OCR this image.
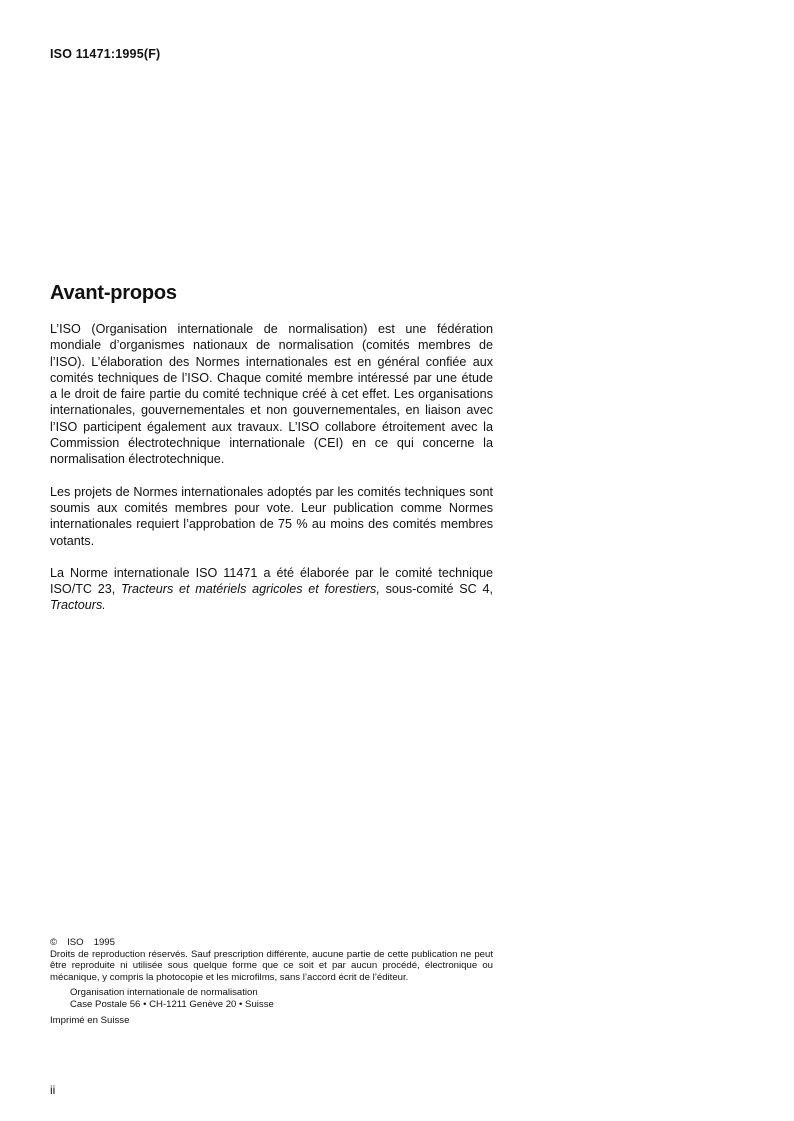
ISO 11471:1995(F)
Avant-propos

L’ISO (Organisation internationale de normalisation) est une fédération mondiale d’organismes nationaux de normalisation (comités membres de l’ISO). L’élaboration des Normes internationales est en général confiée aux comités techniques de l’ISO. Chaque comité membre intéressé par une étude a le droit de faire partie du comité technique créé à cet effet. Les organisations internationales, gouvernementales et non gouvernementales, en liaison avec l’ISO participent également aux travaux. L’ISO collabore étroitement avec la Commission électrotechnique internationale (CEI) en ce qui concerne la normalisation électrotechnique.

Les projets de Normes internationales adoptés par les comités techniques sont soumis aux comités membres pour vote. Leur publication comme Normes internationales requiert l’approbation de 75 % au moins des comités membres votants.

La Norme internationale ISO 11471 a été élaborée par le comité technique ISO/TC 23, Tracteurs et matériels agricoles et forestiers, sous-comité SC 4, Tractours.

© ISO 1995
Droits de reproduction réservés. Sauf prescription différente, aucune partie de cette publication ne peut être reproduite ni utilisée sous quelque forme que ce soit et par aucun procédé, électronique ou mécanique, y compris la photocopie et les microfilms, sans l’accord écrit de l’éditeur.
Organisation internationale de normalisation
Case Postale 56 • CH-1211 Genève 20 • Suisse
Imprimé en Suisse
ii
